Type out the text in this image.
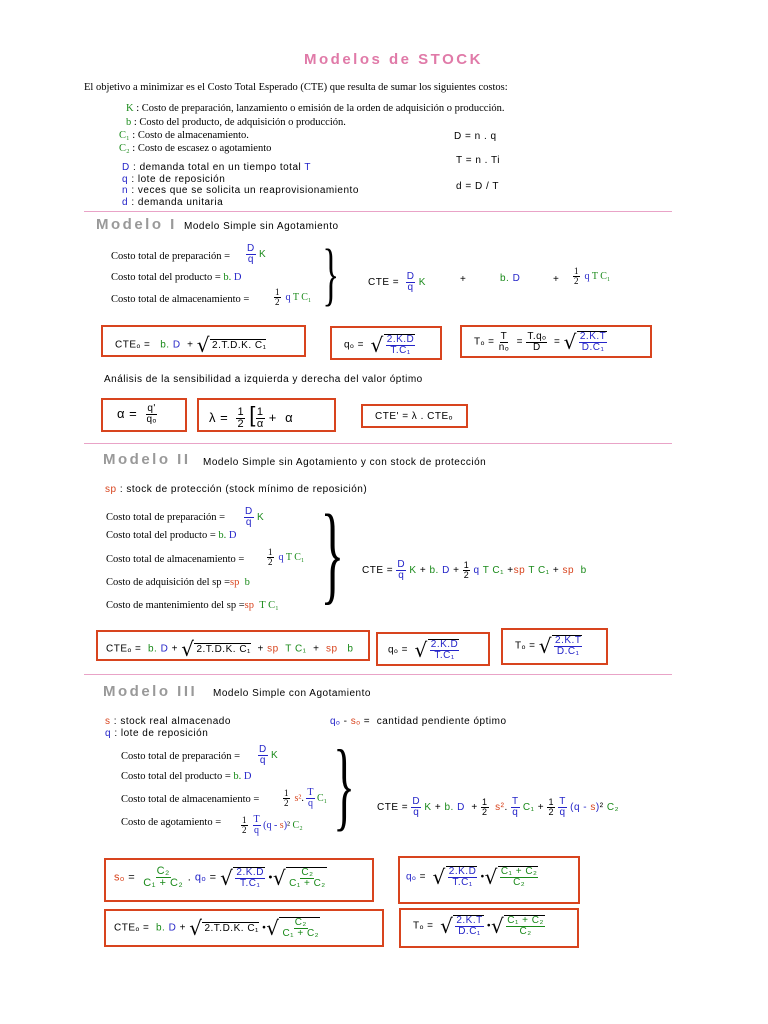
Modelos de STOCK
El objetivo a minimizar es el Costo Total Esperado (CTE) que resulta de sumar los siguientes costos:
K : Costo de preparación, lanzamiento o emisión de la orden de adquisición o producción.
b : Costo del producto, de adquisición o producción.
C₁ : Costo de almacenamiento.
C₂ : Costo de escasez o agotamiento
D : demanda total en un tiempo total T
q : lote de reposición
n : veces que se solicita un reaprovisionamiento
d : demanda unitaria
D = n . q
T = n . Ti
d = D / T
Modelo I Modelo Simple sin Agotamiento
Costo total de preparación = $\frac{D}{q}$ K
Costo total del producto = b. D
Costo total de almacenamiento =	$\frac{1}{2}$ q T C₁ }	CTE = $\frac{D}{q}$ K	+	b. D	+ $\frac{1}{2}$ q T C₁
CTEₒ =   b. D  + √ 2.T.D.K. C₁	qₒ = √ $\frac{2.K.D}{\text{T.C₁}}$	$T_o = \frac{T}{\text{nₒ}} = \frac{\text{T.qₒ}}{D}$ = √ $\frac{2.K.T}{\text{D.C₁}}$
Análisis de la sensibilidad a izquierda y derecha del valor óptimo
$\alpha = \frac{q'}{\text{qₒ}}$	$\lambda = \frac{1}{2}$ [ $\frac{1}{\alpha} + \alpha$	CTE' = λ . CTEₒ
Modelo II Modelo Simple sin Agotamiento y con stock de protección
sp : stock de protección (stock mínimo de reposición)
Costo total de preparación = $\frac{D}{q}$ K
Costo total del producto = b. D
Costo total de almacenamiento =	$\frac{1}{2}$ q T C₁
Costo de adquisición del sp =sp b
Costo de mantenimiento del sp =sp T C₁ } CTE = $\frac{D}{q}$ K + b. $D + \frac{1}{2}$ q T C₁ +sp T C₁ + sp b
CTEₒ =  b. D + √ 2.T.D.K. C₁ + sp T C₁  +  sp b	qₒ = √ $\frac{2.K.D}{\text{T.C₁}}$	Tₒ = √ $\frac{2.K.T}{\text{D.C₁}}$
Modelo III Modelo Simple con Agotamiento
s : stock real almacenado
q : lote de reposición
qₒ - sₒ =  cantidad pendiente óptimo
Costo total de preparación = $\frac{D}{q}$ K
Costo total del producto = b. D
Costo total de almacenamiento =	$\frac{1}{2} s^2$. $\frac{T}{q} C_1$
Costo de agotamiento = $\frac{1}{2}$
$\frac{T}{q} (q - s)^2$ C₂ } CTE = $\frac{D}{q}$ K + b. $D + \frac{1}{2} s^2$. $\frac{T}{q} C_1 + \frac{1}{2}$
$\frac{T}{q} (q - s)^2$ C₂
$s_o = \frac{\text{C₂}}{\text{C₁ + C₂}}$ . qₒ = √ $\frac{2.K.D}{\text{T.C₁}}$ • √ $\frac{\text{C₂}}{\text{C₁ + C₂}}$	qₒ = √ $\frac{2.K.D}{\text{T.C₁}}$ • √ $\frac{\text{C₁ + C₂}}{\text{C₂}}$
CTEₒ =  b. D + √ 2.T.D.K. C₁ • √ $\frac{\text{C₂}}{\text{C₁ + C₂}}$	Tₒ = √ $\frac{2.K.T}{\text{D.C₁}}$ • √ $\frac{\text{C₁ + C₂}}{\text{C₂}}$
